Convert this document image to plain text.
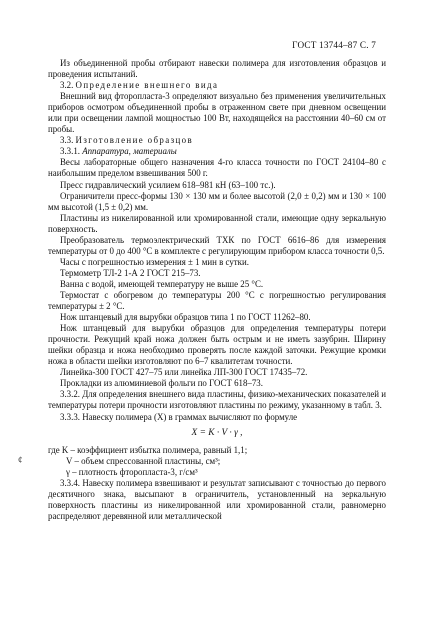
ГОСТ 13744–87 С. 7
¢

Из объединенной пробы отбирают навески полимера для изготовления образцов и проведения испытаний.

3.2. Определение внешнего вида

Внешний вид фторопласта-3 определяют визуально без применения увеличительных приборов осмотром объединенной пробы в отраженном свете при дневном освещении или при освещении лампой мощностью 100 Вт, находящейся на расстоянии 40–60 см от пробы.

3.3. Изготовление образцов

3.3.1. Аппаратура, материалы

Весы лабораторные общего назначения 4-го класса точности по ГОСТ 24104–80 с наибольшим пределом взвешивания 500 г.

Пресс гидравлический усилием 618–981 кН (63–100 тс.).

Ограничители пресс-формы 130 × 130 мм и более высотой (2,0 ± 0,2) мм и 130 × 100 мм высотой (1,5 ± 0,2) мм.

Пластины из никелированной или хромированной стали, имеющие одну зеркальную поверхность.

Преобразователь термоэлектрический ТХК по ГОСТ 6616–86 для измерения температуры от 0 до 400 °С в комплекте с регулирующим прибором класса точности 0,5.

Часы с погрешностью измерения ± 1 мин в сутки.

Термометр ТЛ-2 1-А 2 ГОСТ 215–73.

Ванна с водой, имеющей температуру не выше 25 °С.

Термостат с обогревом до температуры 200 °С с погрешностью регулирования температуры ± 2 °С.

Нож штанцевый для вырубки образцов типа 1 по ГОСТ 11262–80.

Нож штанцевый для вырубки образцов для определения температуры потери прочности. Режущий край ножа должен быть острым и не иметь зазубрин. Ширину шейки образца и ножа необходимо проверять после каждой заточки. Режущие кромки ножа в области шейки изготовляют по 6–7 квалитетам точности.

Линейка-300 ГОСТ 427–75 или линейка ЛП-300 ГОСТ 17435–72.

Прокладки из алюминиевой фольги по ГОСТ 618–73.

3.3.2. Для определения внешнего вида пластины, физико-механических показателей и температуры потери прочности изготовляют пластины по режиму, указанному в табл. 3.

3.3.3. Навеску полимера (X) в граммах вычисляют по формуле

X = K · V · γ ,

где K – коэффициент избытка полимера, равный 1,1;

V – объем спрессованной пластины, см³;

γ – плотность фторопласта-3, г/см³

3.3.4. Навеску полимера взвешивают и результат записывают с точностью до первого десятичного знака, высыпают в ограничитель, установленный на зеркальную поверхность пластины из никелированной или хромированной стали, равномерно распределяют деревянной или металлической
